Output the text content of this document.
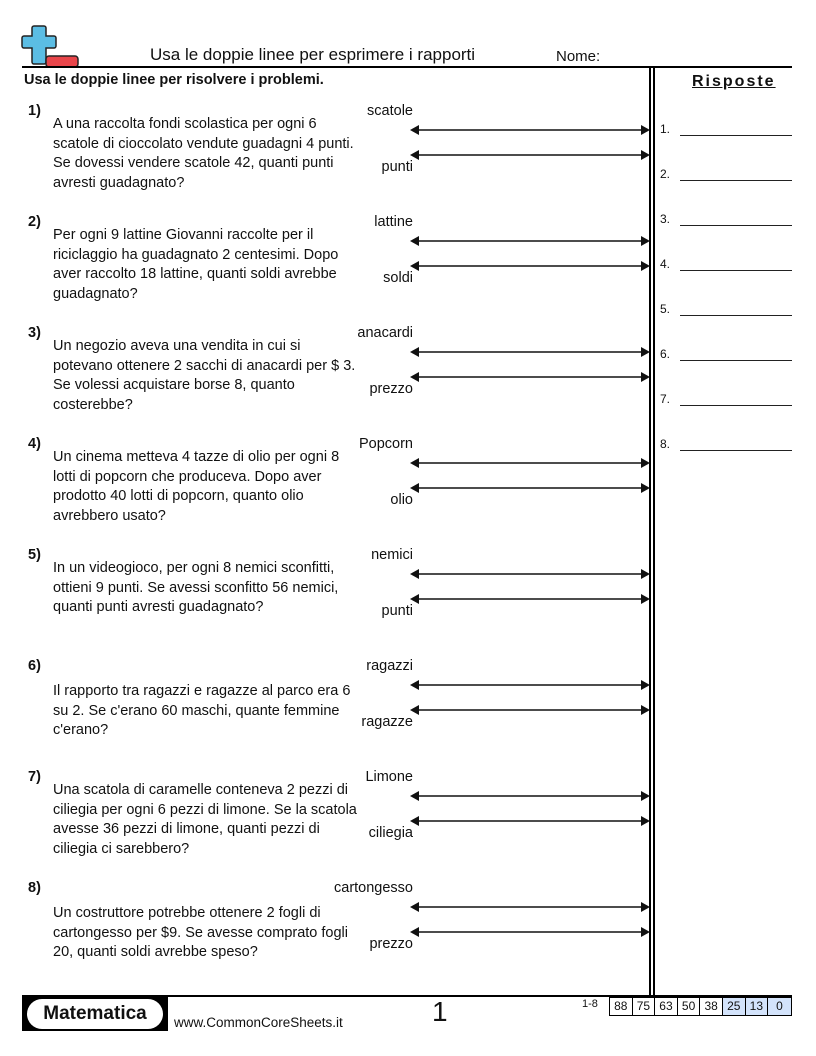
Usa le doppie linee per esprimere i rapporti	Nome:
Usa le doppie linee per risolvere i problemi.	Risposte
1.
2.
3.
4.
5.
6.
7.
8.
1)
A una raccolta fondi scolastica per ogni 6 scatole di cioccolato vendute guadagni 4 punti. Se dovessi vendere scatole 42, quanti punti avresti guadagnato?
scatole
punti
2)
Per ogni 9 lattine Giovanni raccolte per il riciclaggio ha guadagnato 2 centesimi. Dopo aver raccolto 18 lattine, quanti soldi avrebbe guadagnato?
lattine
soldi
3)
Un negozio aveva una vendita in cui si potevano ottenere 2 sacchi di anacardi per $ 3. Se volessi acquistare borse 8, quanto costerebbe?
anacardi
prezzo
4)
Un cinema metteva 4 tazze di olio per ogni 8 lotti di popcorn che produceva. Dopo aver prodotto 40 lotti di popcorn, quanto olio avrebbero usato?
Popcorn
olio
5)
In un videogioco, per ogni 8 nemici sconfitti, ottieni 9 punti. Se avessi sconfitto 56 nemici, quanti punti avresti guadagnato?
nemici
punti
6)
Il rapporto tra ragazzi e ragazze al parco era 6 su 2. Se c'erano 60 maschi, quante femmine c'erano?
ragazzi
ragazze
7)
Una scatola di caramelle conteneva 2 pezzi di ciliegia per ogni 6 pezzi di limone. Se la scatola avesse 36 pezzi di limone, quanti pezzi di ciliegia ci sarebbero?
Limone
ciliegia
8)
Un costruttore potrebbe ottenere 2 fogli di cartongesso per $9. Se avesse comprato fogli 20, quanti soldi avrebbe speso?
cartongesso
prezzo
Matematica	www.CommonCoreSheets.it	1	1-8	88 75 63 50 38 25 13	0
